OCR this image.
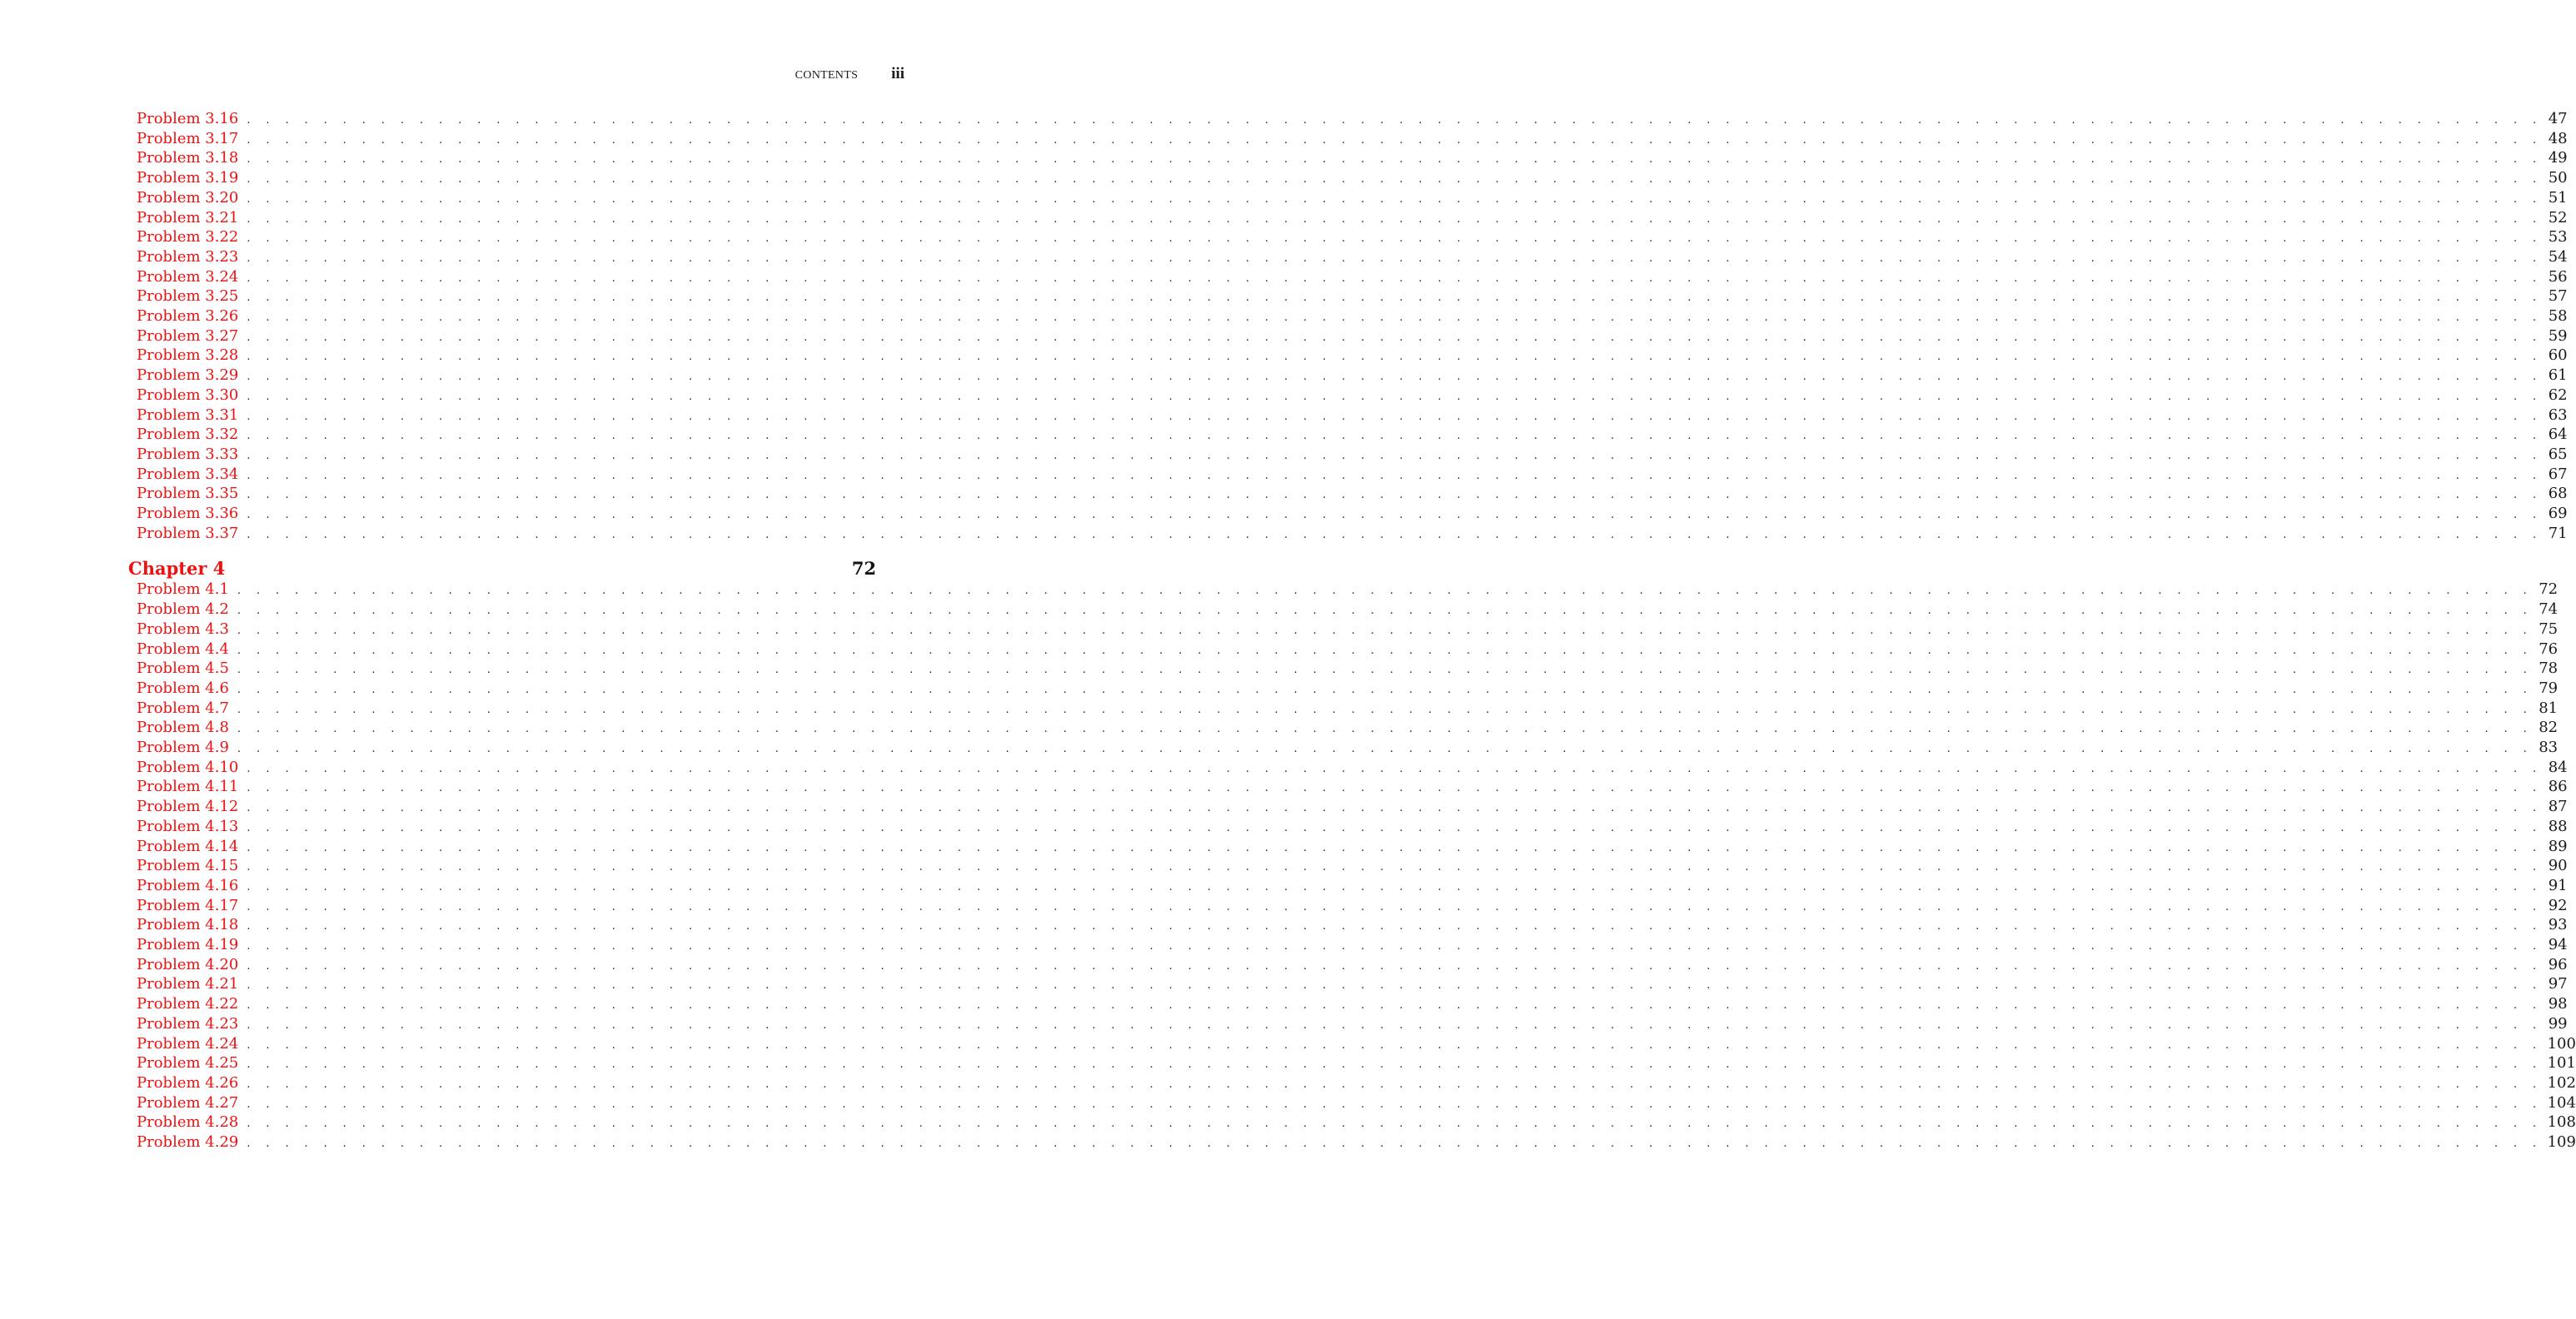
CONTENTS iii
Problem 3.16 . . . . . . . . . . . . . . . . . . . . . . . . . . . . . . . . . . . . . . . . . . . . . . . . . . . . . . . . . . . . . . . . . . . . . . . . . . . . . . . . . . . . . . . . . . . . . . . . . . . . . . . . . . . . . . . . . . . . . . . . 47
Problem 3.17 . . . . . . . . . . . . . . . . . . . . . . . . . . . . . . . . . . . . . . . . . . . . . . . . . . . . . . . . . . . . . . . . . . . . . . . . . . . . . . . . . . . . . . . . . . . . . . . . . . . . . . . . . . . . . . . . . . . . . . . . 48
Problem 3.18 . . . . . . . . . . . . . . . . . . . . . . . . . . . . . . . . . . . . . . . . . . . . . . . . . . . . . . . . . . . . . . . . . . . . . . . . . . . . . . . . . . . . . . . . . . . . . . . . . . . . . . . . . . . . . . . . . . . . . . . . 49
Problem 3.19 . . . . . . . . . . . . . . . . . . . . . . . . . . . . . . . . . . . . . . . . . . . . . . . . . . . . . . . . . . . . . . . . . . . . . . . . . . . . . . . . . . . . . . . . . . . . . . . . . . . . . . . . . . . . . . . . . . . . . . . . 50
Problem 3.20 . . . . . . . . . . . . . . . . . . . . . . . . . . . . . . . . . . . . . . . . . . . . . . . . . . . . . . . . . . . . . . . . . . . . . . . . . . . . . . . . . . . . . . . . . . . . . . . . . . . . . . . . . . . . . . . . . . . . . . . . 51
Problem 3.21 . . . . . . . . . . . . . . . . . . . . . . . . . . . . . . . . . . . . . . . . . . . . . . . . . . . . . . . . . . . . . . . . . . . . . . . . . . . . . . . . . . . . . . . . . . . . . . . . . . . . . . . . . . . . . . . . . . . . . . . . 52
Problem 3.22 . . . . . . . . . . . . . . . . . . . . . . . . . . . . . . . . . . . . . . . . . . . . . . . . . . . . . . . . . . . . . . . . . . . . . . . . . . . . . . . . . . . . . . . . . . . . . . . . . . . . . . . . . . . . . . . . . . . . . . . . 53
Problem 3.23 . . . . . . . . . . . . . . . . . . . . . . . . . . . . . . . . . . . . . . . . . . . . . . . . . . . . . . . . . . . . . . . . . . . . . . . . . . . . . . . . . . . . . . . . . . . . . . . . . . . . . . . . . . . . . . . . . . . . . . . . 54
Problem 3.24 . . . . . . . . . . . . . . . . . . . . . . . . . . . . . . . . . . . . . . . . . . . . . . . . . . . . . . . . . . . . . . . . . . . . . . . . . . . . . . . . . . . . . . . . . . . . . . . . . . . . . . . . . . . . . . . . . . . . . . . . 56
Problem 3.25 . . . . . . . . . . . . . . . . . . . . . . . . . . . . . . . . . . . . . . . . . . . . . . . . . . . . . . . . . . . . . . . . . . . . . . . . . . . . . . . . . . . . . . . . . . . . . . . . . . . . . . . . . . . . . . . . . . . . . . . . 57
Problem 3.26 . . . . . . . . . . . . . . . . . . . . . . . . . . . . . . . . . . . . . . . . . . . . . . . . . . . . . . . . . . . . . . . . . . . . . . . . . . . . . . . . . . . . . . . . . . . . . . . . . . . . . . . . . . . . . . . . . . . . . . . . 58
Problem 3.27 . . . . . . . . . . . . . . . . . . . . . . . . . . . . . . . . . . . . . . . . . . . . . . . . . . . . . . . . . . . . . . . . . . . . . . . . . . . . . . . . . . . . . . . . . . . . . . . . . . . . . . . . . . . . . . . . . . . . . . . . 59
Problem 3.28 . . . . . . . . . . . . . . . . . . . . . . . . . . . . . . . . . . . . . . . . . . . . . . . . . . . . . . . . . . . . . . . . . . . . . . . . . . . . . . . . . . . . . . . . . . . . . . . . . . . . . . . . . . . . . . . . . . . . . . . . 60
Problem 3.29 . . . . . . . . . . . . . . . . . . . . . . . . . . . . . . . . . . . . . . . . . . . . . . . . . . . . . . . . . . . . . . . . . . . . . . . . . . . . . . . . . . . . . . . . . . . . . . . . . . . . . . . . . . . . . . . . . . . . . . . . 61
Problem 3.30 . . . . . . . . . . . . . . . . . . . . . . . . . . . . . . . . . . . . . . . . . . . . . . . . . . . . . . . . . . . . . . . . . . . . . . . . . . . . . . . . . . . . . . . . . . . . . . . . . . . . . . . . . . . . . . . . . . . . . . . . 62
Problem 3.31 . . . . . . . . . . . . . . . . . . . . . . . . . . . . . . . . . . . . . . . . . . . . . . . . . . . . . . . . . . . . . . . . . . . . . . . . . . . . . . . . . . . . . . . . . . . . . . . . . . . . . . . . . . . . . . . . . . . . . . . . 63
Problem 3.32 . . . . . . . . . . . . . . . . . . . . . . . . . . . . . . . . . . . . . . . . . . . . . . . . . . . . . . . . . . . . . . . . . . . . . . . . . . . . . . . . . . . . . . . . . . . . . . . . . . . . . . . . . . . . . . . . . . . . . . . . 64
Problem 3.33 . . . . . . . . . . . . . . . . . . . . . . . . . . . . . . . . . . . . . . . . . . . . . . . . . . . . . . . . . . . . . . . . . . . . . . . . . . . . . . . . . . . . . . . . . . . . . . . . . . . . . . . . . . . . . . . . . . . . . . . . 65
Problem 3.34 . . . . . . . . . . . . . . . . . . . . . . . . . . . . . . . . . . . . . . . . . . . . . . . . . . . . . . . . . . . . . . . . . . . . . . . . . . . . . . . . . . . . . . . . . . . . . . . . . . . . . . . . . . . . . . . . . . . . . . . . 67
Problem 3.35 . . . . . . . . . . . . . . . . . . . . . . . . . . . . . . . . . . . . . . . . . . . . . . . . . . . . . . . . . . . . . . . . . . . . . . . . . . . . . . . . . . . . . . . . . . . . . . . . . . . . . . . . . . . . . . . . . . . . . . . . 68
Problem 3.36 . . . . . . . . . . . . . . . . . . . . . . . . . . . . . . . . . . . . . . . . . . . . . . . . . . . . . . . . . . . . . . . . . . . . . . . . . . . . . . . . . . . . . . . . . . . . . . . . . . . . . . . . . . . . . . . . . . . . . . . . 69
Problem 3.37 . . . . . . . . . . . . . . . . . . . . . . . . . . . . . . . . . . . . . . . . . . . . . . . . . . . . . . . . . . . . . . . . . . . . . . . . . . . . . . . . . . . . . . . . . . . . . . . . . . . . . . . . . . . . . . . . . . . . . . . . 71
Chapter 4	72
Problem 4.1 . . . . . . . . . . . . . . . . . . . . . . . . . . . . . . . . . . . . . . . . . . . . . . . . . . . . . . . . . . . . . . . . . . . . . . . . . . . . . . . . . . . . . . . . . . . . . . . . . . . . . . . . . . . . . . . . . . . . . . . . 72
Problem 4.2 . . . . . . . . . . . . . . . . . . . . . . . . . . . . . . . . . . . . . . . . . . . . . . . . . . . . . . . . . . . . . . . . . . . . . . . . . . . . . . . . . . . . . . . . . . . . . . . . . . . . . . . . . . . . . . . . . . . . . . . . 74
Problem 4.3 . . . . . . . . . . . . . . . . . . . . . . . . . . . . . . . . . . . . . . . . . . . . . . . . . . . . . . . . . . . . . . . . . . . . . . . . . . . . . . . . . . . . . . . . . . . . . . . . . . . . . . . . . . . . . . . . . . . . . . . . 75
Problem 4.4 . . . . . . . . . . . . . . . . . . . . . . . . . . . . . . . . . . . . . . . . . . . . . . . . . . . . . . . . . . . . . . . . . . . . . . . . . . . . . . . . . . . . . . . . . . . . . . . . . . . . . . . . . . . . . . . . . . . . . . . . 76
Problem 4.5 . . . . . . . . . . . . . . . . . . . . . . . . . . . . . . . . . . . . . . . . . . . . . . . . . . . . . . . . . . . . . . . . . . . . . . . . . . . . . . . . . . . . . . . . . . . . . . . . . . . . . . . . . . . . . . . . . . . . . . . . 78
Problem 4.6 . . . . . . . . . . . . . . . . . . . . . . . . . . . . . . . . . . . . . . . . . . . . . . . . . . . . . . . . . . . . . . . . . . . . . . . . . . . . . . . . . . . . . . . . . . . . . . . . . . . . . . . . . . . . . . . . . . . . . . . . 79
Problem 4.7 . . . . . . . . . . . . . . . . . . . . . . . . . . . . . . . . . . . . . . . . . . . . . . . . . . . . . . . . . . . . . . . . . . . . . . . . . . . . . . . . . . . . . . . . . . . . . . . . . . . . . . . . . . . . . . . . . . . . . . . . 81
Problem 4.8 . . . . . . . . . . . . . . . . . . . . . . . . . . . . . . . . . . . . . . . . . . . . . . . . . . . . . . . . . . . . . . . . . . . . . . . . . . . . . . . . . . . . . . . . . . . . . . . . . . . . . . . . . . . . . . . . . . . . . . . . 82
Problem 4.9 . . . . . . . . . . . . . . . . . . . . . . . . . . . . . . . . . . . . . . . . . . . . . . . . . . . . . . . . . . . . . . . . . . . . . . . . . . . . . . . . . . . . . . . . . . . . . . . . . . . . . . . . . . . . . . . . . . . . . . . . 83
Problem 4.10 . . . . . . . . . . . . . . . . . . . . . . . . . . . . . . . . . . . . . . . . . . . . . . . . . . . . . . . . . . . . . . . . . . . . . . . . . . . . . . . . . . . . . . . . . . . . . . . . . . . . . . . . . . . . . . . . . . . . . . . . 84
Problem 4.11 . . . . . . . . . . . . . . . . . . . . . . . . . . . . . . . . . . . . . . . . . . . . . . . . . . . . . . . . . . . . . . . . . . . . . . . . . . . . . . . . . . . . . . . . . . . . . . . . . . . . . . . . . . . . . . . . . . . . . . . . 86
Problem 4.12 . . . . . . . . . . . . . . . . . . . . . . . . . . . . . . . . . . . . . . . . . . . . . . . . . . . . . . . . . . . . . . . . . . . . . . . . . . . . . . . . . . . . . . . . . . . . . . . . . . . . . . . . . . . . . . . . . . . . . . . . 87
Problem 4.13 . . . . . . . . . . . . . . . . . . . . . . . . . . . . . . . . . . . . . . . . . . . . . . . . . . . . . . . . . . . . . . . . . . . . . . . . . . . . . . . . . . . . . . . . . . . . . . . . . . . . . . . . . . . . . . . . . . . . . . . . 88
Problem 4.14 . . . . . . . . . . . . . . . . . . . . . . . . . . . . . . . . . . . . . . . . . . . . . . . . . . . . . . . . . . . . . . . . . . . . . . . . . . . . . . . . . . . . . . . . . . . . . . . . . . . . . . . . . . . . . . . . . . . . . . . . 89
Problem 4.15 . . . . . . . . . . . . . . . . . . . . . . . . . . . . . . . . . . . . . . . . . . . . . . . . . . . . . . . . . . . . . . . . . . . . . . . . . . . . . . . . . . . . . . . . . . . . . . . . . . . . . . . . . . . . . . . . . . . . . . . . 90
Problem 4.16 . . . . . . . . . . . . . . . . . . . . . . . . . . . . . . . . . . . . . . . . . . . . . . . . . . . . . . . . . . . . . . . . . . . . . . . . . . . . . . . . . . . . . . . . . . . . . . . . . . . . . . . . . . . . . . . . . . . . . . . . 91
Problem 4.17 . . . . . . . . . . . . . . . . . . . . . . . . . . . . . . . . . . . . . . . . . . . . . . . . . . . . . . . . . . . . . . . . . . . . . . . . . . . . . . . . . . . . . . . . . . . . . . . . . . . . . . . . . . . . . . . . . . . . . . . . 92
Problem 4.18 . . . . . . . . . . . . . . . . . . . . . . . . . . . . . . . . . . . . . . . . . . . . . . . . . . . . . . . . . . . . . . . . . . . . . . . . . . . . . . . . . . . . . . . . . . . . . . . . . . . . . . . . . . . . . . . . . . . . . . . . 93
Problem 4.19 . . . . . . . . . . . . . . . . . . . . . . . . . . . . . . . . . . . . . . . . . . . . . . . . . . . . . . . . . . . . . . . . . . . . . . . . . . . . . . . . . . . . . . . . . . . . . . . . . . . . . . . . . . . . . . . . . . . . . . . . 94
Problem 4.20 . . . . . . . . . . . . . . . . . . . . . . . . . . . . . . . . . . . . . . . . . . . . . . . . . . . . . . . . . . . . . . . . . . . . . . . . . . . . . . . . . . . . . . . . . . . . . . . . . . . . . . . . . . . . . . . . . . . . . . . . 96
Problem 4.21 . . . . . . . . . . . . . . . . . . . . . . . . . . . . . . . . . . . . . . . . . . . . . . . . . . . . . . . . . . . . . . . . . . . . . . . . . . . . . . . . . . . . . . . . . . . . . . . . . . . . . . . . . . . . . . . . . . . . . . . . 97
Problem 4.22 . . . . . . . . . . . . . . . . . . . . . . . . . . . . . . . . . . . . . . . . . . . . . . . . . . . . . . . . . . . . . . . . . . . . . . . . . . . . . . . . . . . . . . . . . . . . . . . . . . . . . . . . . . . . . . . . . . . . . . . . 98
Problem 4.23 . . . . . . . . . . . . . . . . . . . . . . . . . . . . . . . . . . . . . . . . . . . . . . . . . . . . . . . . . . . . . . . . . . . . . . . . . . . . . . . . . . . . . . . . . . . . . . . . . . . . . . . . . . . . . . . . . . . . . . . . 99
Problem 4.24 . . . . . . . . . . . . . . . . . . . . . . . . . . . . . . . . . . . . . . . . . . . . . . . . . . . . . . . . . . . . . . . . . . . . . . . . . . . . . . . . . . . . . . . . . . . . . . . . . . . . . . . . . . . . . . . . . . . . . . . . 100
Problem 4.25 . . . . . . . . . . . . . . . . . . . . . . . . . . . . . . . . . . . . . . . . . . . . . . . . . . . . . . . . . . . . . . . . . . . . . . . . . . . . . . . . . . . . . . . . . . . . . . . . . . . . . . . . . . . . . . . . . . . . . . . . 101
Problem 4.26 . . . . . . . . . . . . . . . . . . . . . . . . . . . . . . . . . . . . . . . . . . . . . . . . . . . . . . . . . . . . . . . . . . . . . . . . . . . . . . . . . . . . . . . . . . . . . . . . . . . . . . . . . . . . . . . . . . . . . . . . 102
Problem 4.27 . . . . . . . . . . . . . . . . . . . . . . . . . . . . . . . . . . . . . . . . . . . . . . . . . . . . . . . . . . . . . . . . . . . . . . . . . . . . . . . . . . . . . . . . . . . . . . . . . . . . . . . . . . . . . . . . . . . . . . . . 104
Problem 4.28 . . . . . . . . . . . . . . . . . . . . . . . . . . . . . . . . . . . . . . . . . . . . . . . . . . . . . . . . . . . . . . . . . . . . . . . . . . . . . . . . . . . . . . . . . . . . . . . . . . . . . . . . . . . . . . . . . . . . . . . . 108
Problem 4.29 . . . . . . . . . . . . . . . . . . . . . . . . . . . . . . . . . . . . . . . . . . . . . . . . . . . . . . . . . . . . . . . . . . . . . . . . . . . . . . . . . . . . . . . . . . . . . . . . . . . . . . . . . . . . . . . . . . . . . . . . 109
